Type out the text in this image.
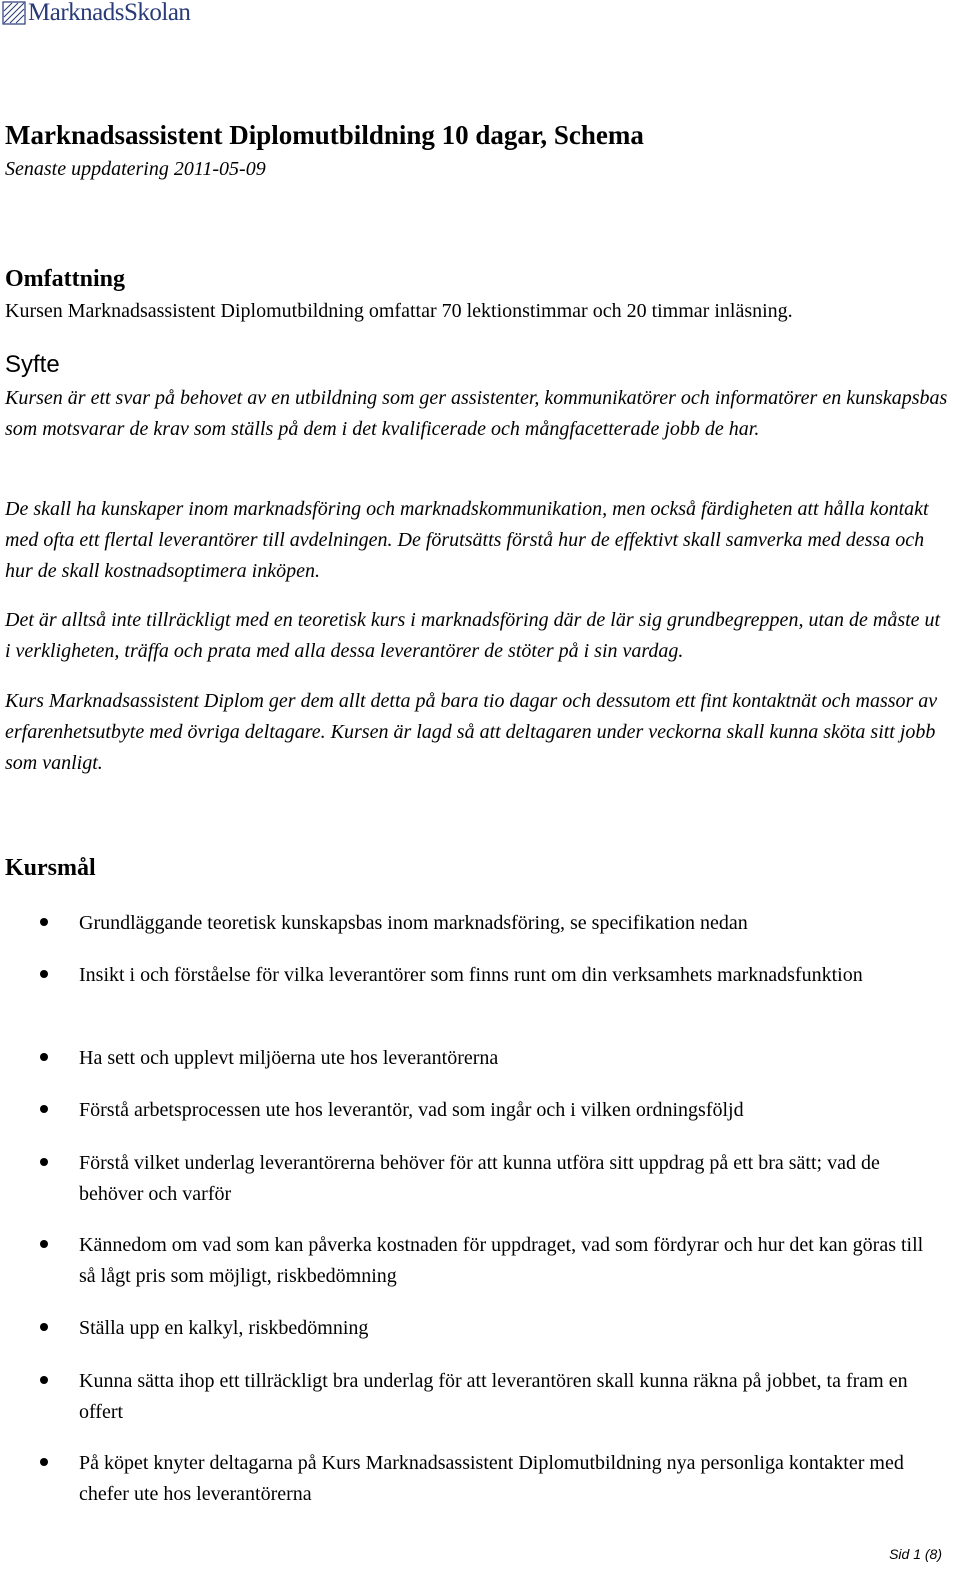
MarknadsSkolan
Marknadsassistent Diplomutbildning 10 dagar, Schema

Senaste uppdatering 2011-05-09

Omfattning

Kursen Marknadsassistent Diplomutbildning omfattar 70 lektionstimmar och 20 timmar inläsning.

Syfte

Kursen är ett svar på behovet av en utbildning som ger assistenter, kommunikatörer och informatörer en kunskapsbas som motsvarar de krav som ställs på dem i det kvalificerade och mångfacetterade jobb de har.

De skall ha kunskaper inom marknadsföring och marknadskommunikation, men också färdigheten att hålla kontakt med ofta ett flertal leverantörer till avdelningen. De förutsätts förstå hur de effektivt skall samverka med dessa och hur de skall kostnadsoptimera inköpen.

Det är alltså inte tillräckligt med en teoretisk kurs i marknadsföring där de lär sig grundbegreppen, utan de måste ut i verkligheten, träffa och prata med alla dessa leverantörer de stöter på i sin vardag.

Kurs Marknadsassistent Diplom ger dem allt detta på bara tio dagar och dessutom ett fint kontaktnät och massor av erfarenhetsutbyte med övriga deltagare. Kursen är lagd så att deltagaren under veckorna skall kunna sköta sitt jobb som vanligt.

Kursmål

Grundläggande teoretisk kunskapsbas inom marknadsföring, se specifikation nedan

Insikt i och förståelse för vilka leverantörer som finns runt om din verksamhets marknadsfunktion

Ha sett och upplevt miljöerna ute hos leverantörerna

Förstå arbetsprocessen ute hos leverantör, vad som ingår och i vilken ordningsföljd

Förstå vilket underlag leverantörerna behöver för att kunna utföra sitt uppdrag på ett bra sätt; vad de behöver och varför

Kännedom om vad som kan påverka kostnaden för uppdraget, vad som fördyrar och hur det kan göras till så lågt pris som möjligt, riskbedömning

Ställa upp en kalkyl, riskbedömning

Kunna sätta ihop ett tillräckligt bra underlag för att leverantören skall kunna räkna på jobbet, ta fram en offert

På köpet knyter deltagarna på Kurs Marknadsassistent Diplomutbildning nya personliga kontakter med chefer ute hos leverantörerna

Sid 1 (8)
